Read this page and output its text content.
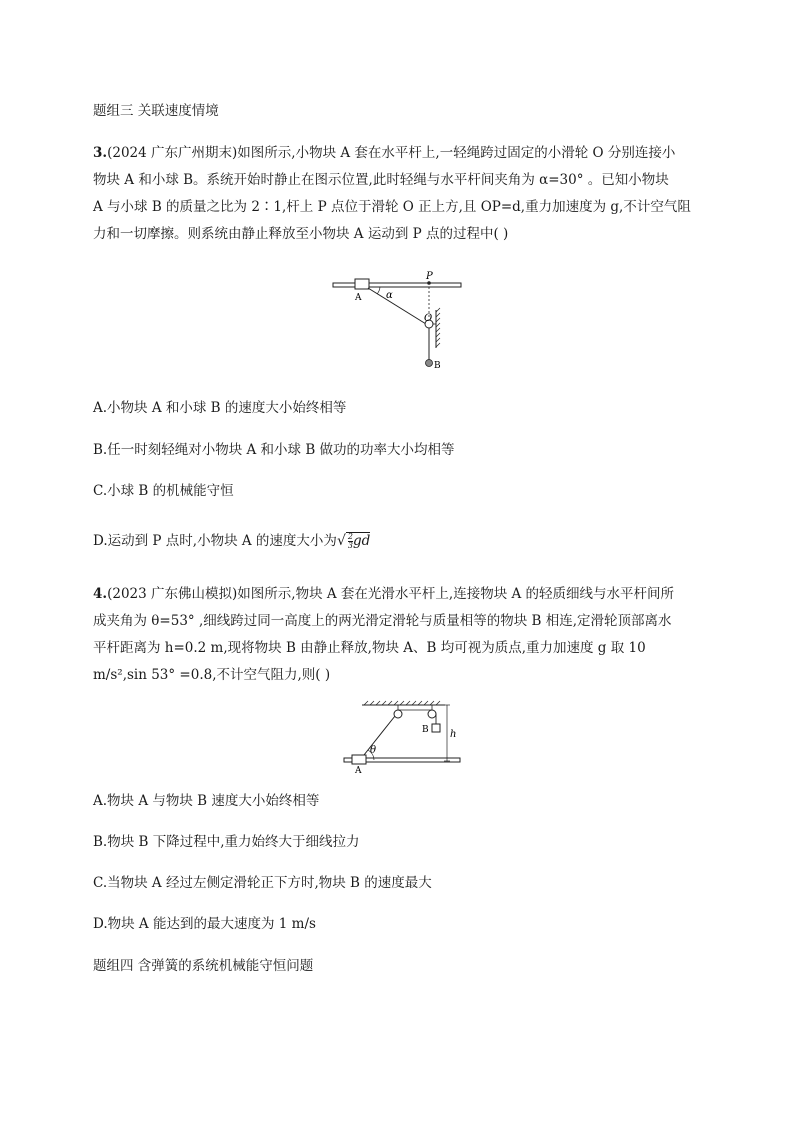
题组三 关联速度情境
3.(2024 广东广州期末)如图所示,小物块 A 套在水平杆上,一轻绳跨过固定的小滑轮 O 分别连接小
物块 A 和小球 B。系统开始时静止在图示位置,此时轻绳与水平杆间夹角为 α=30° 。已知小物块
A 与小球 B 的质量之比为 2∶1,杆上 P 点位于滑轮 O 正上方,且 OP=d,重力加速度为 g,不计空气阻
力和一切摩擦。则系统由静止释放至小物块 A 运动到 P 点的过程中( )
P
A α
O
B
A.小物块 A 和小球 B 的速度大小始终相等
B.任一时刻轻绳对小物块 A 和小球 B 做功的功率大小均相等
C.小球 B 的机械能守恒
D.运动到 P 点时,小物块 A 的速度大小为√ $\frac{2}{3}$ gd
4.(2023 广东佛山模拟)如图所示,物块 A 套在光滑水平杆上,连接物块 A 的轻质细线与水平杆间所
成夹角为 θ=53° ,细线跨过同一高度上的两光滑定滑轮与质量相等的物块 B 相连,定滑轮顶部离水
平杆距离为 h=0.2 m,现将物块 B 由静止释放,物块 A、B 均可视为质点,重力加速度 g 取 10
m/s²,sin 53° =0.8,不计空气阻力,则( )
B h
θ
A
A.物块 A 与物块 B 速度大小始终相等
B.物块 B 下降过程中,重力始终大于细线拉力
C.当物块 A 经过左侧定滑轮正下方时,物块 B 的速度最大
D.物块 A 能达到的最大速度为 1 m/s
题组四 含弹簧的系统机械能守恒问题
